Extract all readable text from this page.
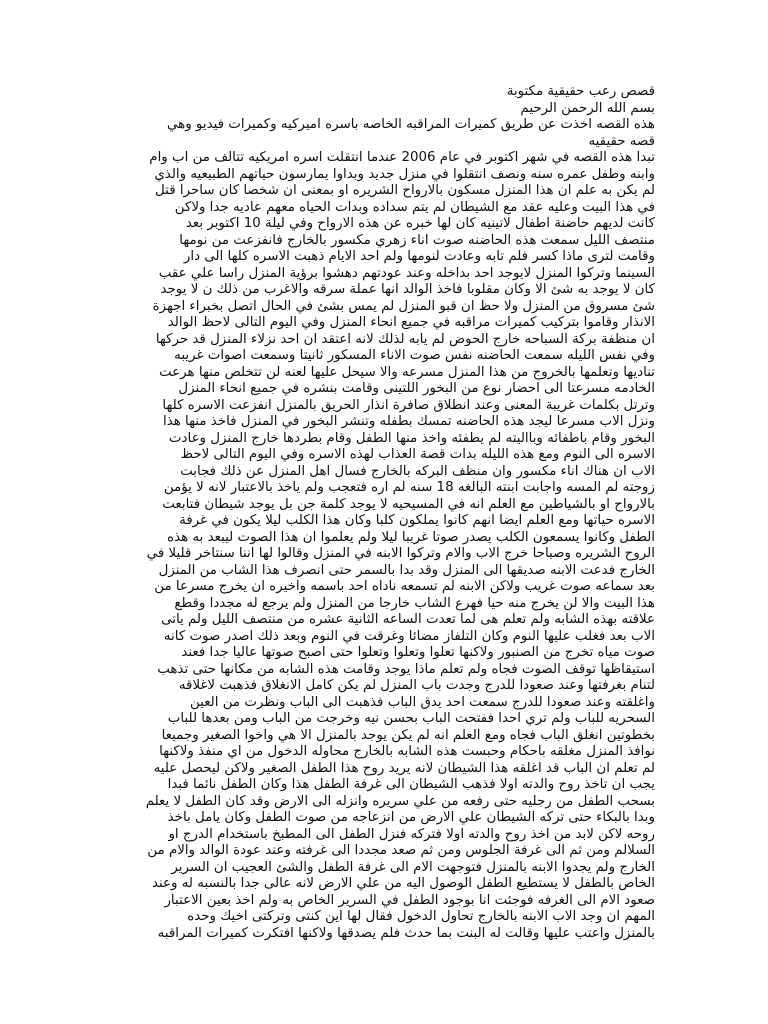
قصص رعب حقيقية مكتوبة
بسم الله الرحمن الرحيم
هذه القصه اخذت عن طريق كميرات المراقبه الخاصه باسره اميركيه وكميرات فيديو وهي
قصه حقيقيه
تبدا هذه القصه في شهر اكتوبر في عام 2006 عندما انتقلت اسره امريكيه تتالف من اب وام
وابنه وطفل عمره سنه ونصف انتقلوا في منزل جديد وبداوا يمارسون حياتهم الطبيعيه والذي
لم يكن به علم ان هذا المنزل مسكون بالارواح الشريره او بمعنى ان شخصا كان ساحرا قتل
في هذا البيت وعليه عقد مع الشيطان لم يتم سداده وبدات الحياه معهم عاديه جدا ولاكن
كانت لديهم حاضنة اطفال لاتينيه كان لها خبره عن هذه الارواح وفي ليلة 10 اكتوبر بعد
منتصف الليل سمعت هذه الحاضنه صوت اناء زهري مكسور بالخارج فانفزعت من نومها
وقامت لترى ماذا كسر فلم تابه وعادت لنومها ولم احد الايام ذهبت الاسره كلها الى دار
السينما وتركوا المنزل لايوجد احد بداخله وعند عودتهم دهشوا برؤية المنزل راسا علي عقب
كان لا يوجد به شئ الا وكان مقلوبا فاخذ الوالد انها عملة سرقه والاغرب من ذلك ن لا يوجد
شئ مسروق من المنزل ولا حظ ان قبو المنزل لم يمس بشئ في الحال اتصل بخبراء اجهزة
الانذار وقاموا بتركيب كميرات مراقبه في جميع انحاء المنزل وفي اليوم التالى لاحظ الوالد
ان منظفة بركة السباحه خارج الحوض لم يابه لذلك لانه اعتقد ان احد نزلاء المنزل قد حركها
وفي نفس الليله سمعت الحاضنه نفس صوت الاناء المسكور ثانيتا وسمعت اصوات غريبه
تناديها وتعلمها بالخروج من هذا المنزل مسرعه والا سيحل عليها لعنه لن تتخلص منها هرعت
الخادمه مسرعتا الى احضار نوع من البخور اللتينى وقامت بنشره في جميع انحاء المنزل
وترتل بكلمات غريبة المعنى وعند انطلاق صافرة انذار الحريق بالمنزل انفزعت الاسره كلها
ونزل الاب مسرعا ليجد هذه الحاضنه تمسك بطفله وتنشر البخور في المنزل فاخذ منها هذا
البخور وقام باطفائه وبااليته لم يطفئه واخذ منها الطفل وقام بطردها خارج المنزل وعادت
الاسره الى النوم ومع هذه الليله بدات قصة العذاب لهذه الاسره وفي اليوم التالى لاحظ
الاب ان هناك اناء مكسور وان منظف البركه بالخارج فسال اهل المنزل عن ذلك فجابت
زوجته لم المسه واجابت ابنته البالغه 18 سنه لم اره فتعجب ولم ياخذ بالاعتبار لانه لا يؤمن
بالارواح او بالشياطين مع العلم انه في المسيحيه لا يوجد كلمة جن بل يوجد شيطان فتابعت
الاسره حياتها ومع العلم ايضا انهم كانوا يملكون كلبا وكان هذا الكلب ليلا يكون في غرفة
الطفل وكانوا يسمعون الكلب يصدر صوتا غريبا ليلا ولم يعلموا ان هذا الصوت ليبعد به هذه
الروح الشريره وصباحا خرج الاب والام وتركوا الابنه في المنزل وقالوا لها اننا سنتاخر قليلا في
الخارج فدعت الابنه صديقها الى المنزل وقد بدا بالسمر حتى انصرف هذا الشاب من المنزل
بعد سماعه صوت غريب ولاكن الابنه لم تسمعه ناداه احد باسمه واخيره ان يخرج مسرعا من
هذا البيت والا لن يخرج منه حيا فهرع الشاب خارجا من المنزل ولم يرجع له مجددا وقطع
علاقته بهذه الشابه ولم تعلم هى لما تعدت الساعه الثانية عشره من منتصف الليل ولم ياتى
الاب بعد فغلب عليها النوم وكان التلفاز مضائا وغرقت في النوم وبعد ذلك اصدر صوت كانه
صوت مياه تخرج من الصنبور ولاكنها تعلوا وتعلوا وتعلوا حتى اصبح صوتها عاليا جدا فعند
استيقاظها توقف الصوت فجاه ولم تعلم ماذا يوجد وقامت هذه الشابه من مكانها حتى تذهب
لتنام بغرفتها وعند صعودا للدرج وجدت باب المنزل لم يكن كامل الانغلاق فذهبت لاغلاقه
واغلقته وعند صعودا للدرج سمعت احد يدق الباب فذهبت الى الباب ونظرت من العين
السحريه للباب ولم تري احدا ففتحت الباب بحسن نيه وخرجت من الباب ومن بعدها للباب
بخطوتين انغلق الباب فجاه ومع العلم انه لم يكن يوجد بالمنزل الا هي واخوا الصغير وجميعا
نوافذ المنزل مغلقه باحكام وحبست هذه الشابه بالخارج محاوله الدخول من اي منفذ ولاكنها
لم تعلم ان الباب قد اغلقه هذا الشيطان لانه يريد روح هذا الطفل الصغير ولاكن ليحصل عليه
يجب ان تاخذ روح والدته اولا فذهب الشيطان الى غرفة الطفل هذا وكان الطفل نائما فبدا
بسحب الطفل من رجليه حتى رفعه من علي سريره وانزله الى الارض وقد كان الطفل لا يعلم
وبدا بالبكاء حتى تركه الشيطان علي الارض من انزعاجه من صوت الطفل وكان يامل باخذ
روحه لاكن لابد من اخذ روح والدته اولا فتركه فنزل الطفل الى المطبخ باستخدام الدرج او
السلالم ومن ثم الى غرفة الجلوس ومن ثم صعد مجددا الى غرفته وعند عودة الوالد والام من
الخارج ولم يجدوا الابنه بالمنزل فتوجهت الام الى غرفة الطفل والشئ العجيب ان السرير
الخاص بالطفل لا يستطيع الطفل الوصول اليه من علي الارض لانه عالى جدا بالنسبه له وعند
صعود الام الى الغرفه فوجئت انا بوجود الطفل في السرير الخاص به ولم اخذ بعين الاعتبار
المهم ان وجد الاب الابنه بالخارج تحاول الدخول فقال لها اين كنتى وتركتى اخيك وحده
بالمنزل واعتب عليها وقالت له البنت بما حدث فلم يصدقها ولاكنها افتكرت كميرات المراقبه
